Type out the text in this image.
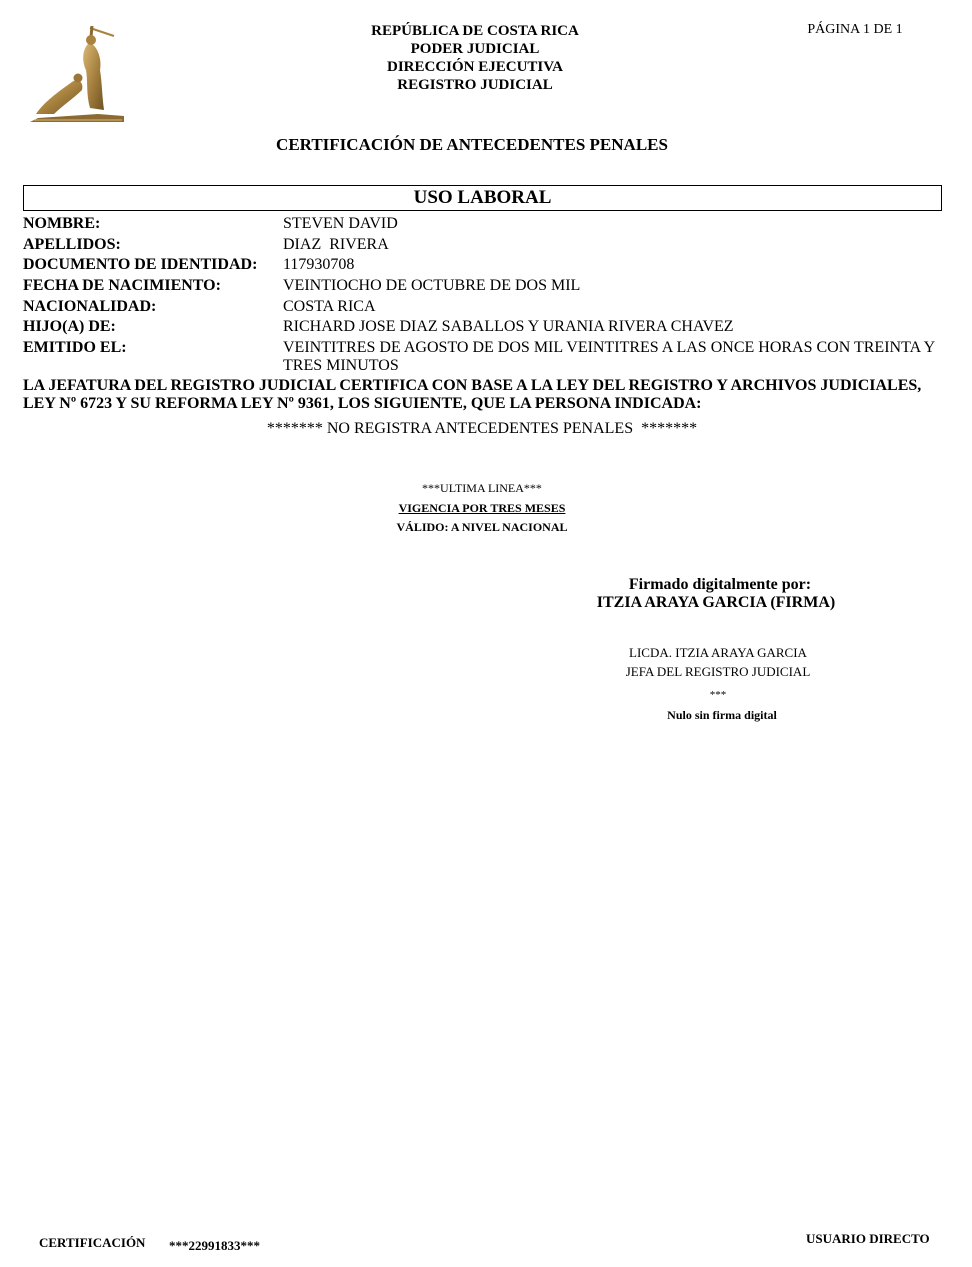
REPÚBLICA DE COSTA RICA
PODER JUDICIAL
DIRECCIÓN EJECUTIVA
REGISTRO JUDICIAL
PÁGINA 1 DE 1
CERTIFICACIÓN DE ANTECEDENTES PENALES
USO LABORAL
NOMBRE:	STEVEN DAVID
APELLIDOS:	DIAZ  RIVERA
DOCUMENTO DE IDENTIDAD: 117930708
FECHA DE NACIMIENTO:	VEINTIOCHO DE OCTUBRE DE DOS MIL
NACIONALIDAD:	COSTA RICA
HIJO(A) DE:	RICHARD JOSE DIAZ SABALLOS Y URANIA RIVERA CHAVEZ
EMITIDO EL:	VEINTITRES DE AGOSTO DE DOS MIL VEINTITRES A LAS ONCE HORAS CON TREINTA Y TRES MINUTOS
LA JEFATURA DEL REGISTRO JUDICIAL CERTIFICA CON BASE A LA LEY DEL REGISTRO Y ARCHIVOS JUDICIALES, LEY Nº 6723 Y SU REFORMA LEY Nº 9361, LOS SIGUIENTE, QUE LA PERSONA INDICADA:
******* NO REGISTRA ANTECEDENTES PENALES  *******
***ULTIMA LINEA***
VIGENCIA POR TRES MESES
VÁLIDO: A NIVEL NACIONAL
Firmado digitalmente por:
ITZIA ARAYA GARCIA (FIRMA)
LICDA. ITZIA ARAYA GARCIA
JEFA DEL REGISTRO JUDICIAL
***
Nulo sin firma digital
CERTIFICACIÓN ***22991833***	USUARIO DIRECTO
